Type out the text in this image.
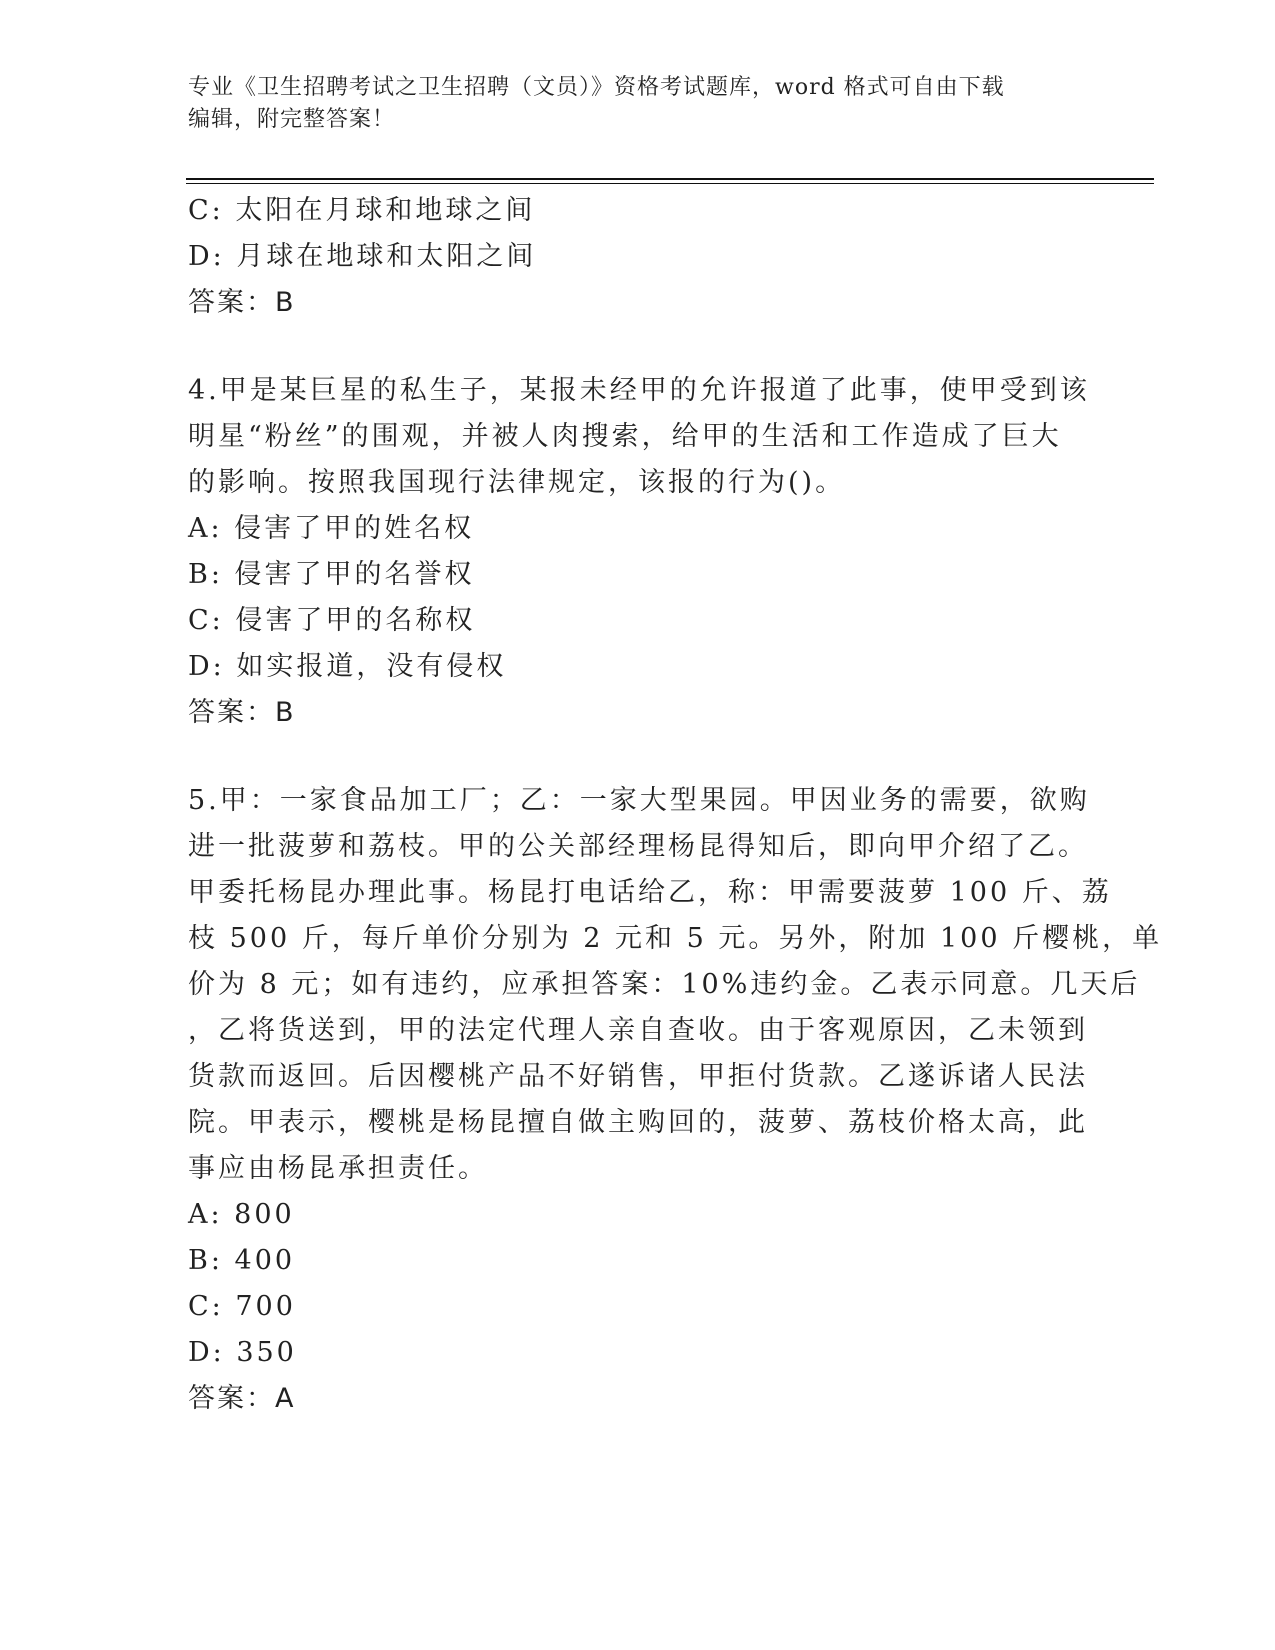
专业《卫生招聘考试之卫生招聘（文员）》资格考试题库，word 格式可自由下载
编辑，附完整答案！
C: 太阳在月球和地球之间
D: 月球在地球和太阳之间
答案：B
4.甲是某巨星的私生子，某报未经甲的允许报道了此事，使甲受到该
明星“粉丝”的围观，并被人肉搜索，给甲的生活和工作造成了巨大
的影响。按照我国现行法律规定，该报的行为()。
A: 侵害了甲的姓名权
B: 侵害了甲的名誉权
C: 侵害了甲的名称权
D: 如实报道，没有侵权
答案：B
5.甲：一家食品加工厂；乙：一家大型果园。甲因业务的需要，欲购
进一批菠萝和荔枝。甲的公关部经理杨昆得知后，即向甲介绍了乙。
甲委托杨昆办理此事。杨昆打电话给乙，称：甲需要菠萝 100 斤、荔
枝 500 斤，每斤单价分别为 2 元和 5 元。另外，附加 100 斤樱桃，单
价为 8 元；如有违约，应承担答案：10%违约金。乙表示同意。几天后
，乙将货送到，甲的法定代理人亲自查收。由于客观原因，乙未领到
货款而返回。后因樱桃产品不好销售，甲拒付货款。乙遂诉诸人民法
院。甲表示，樱桃是杨昆擅自做主购回的，菠萝、荔枝价格太高，此
事应由杨昆承担责任。
A: 800
B: 400
C: 700
D: 350
答案：A
